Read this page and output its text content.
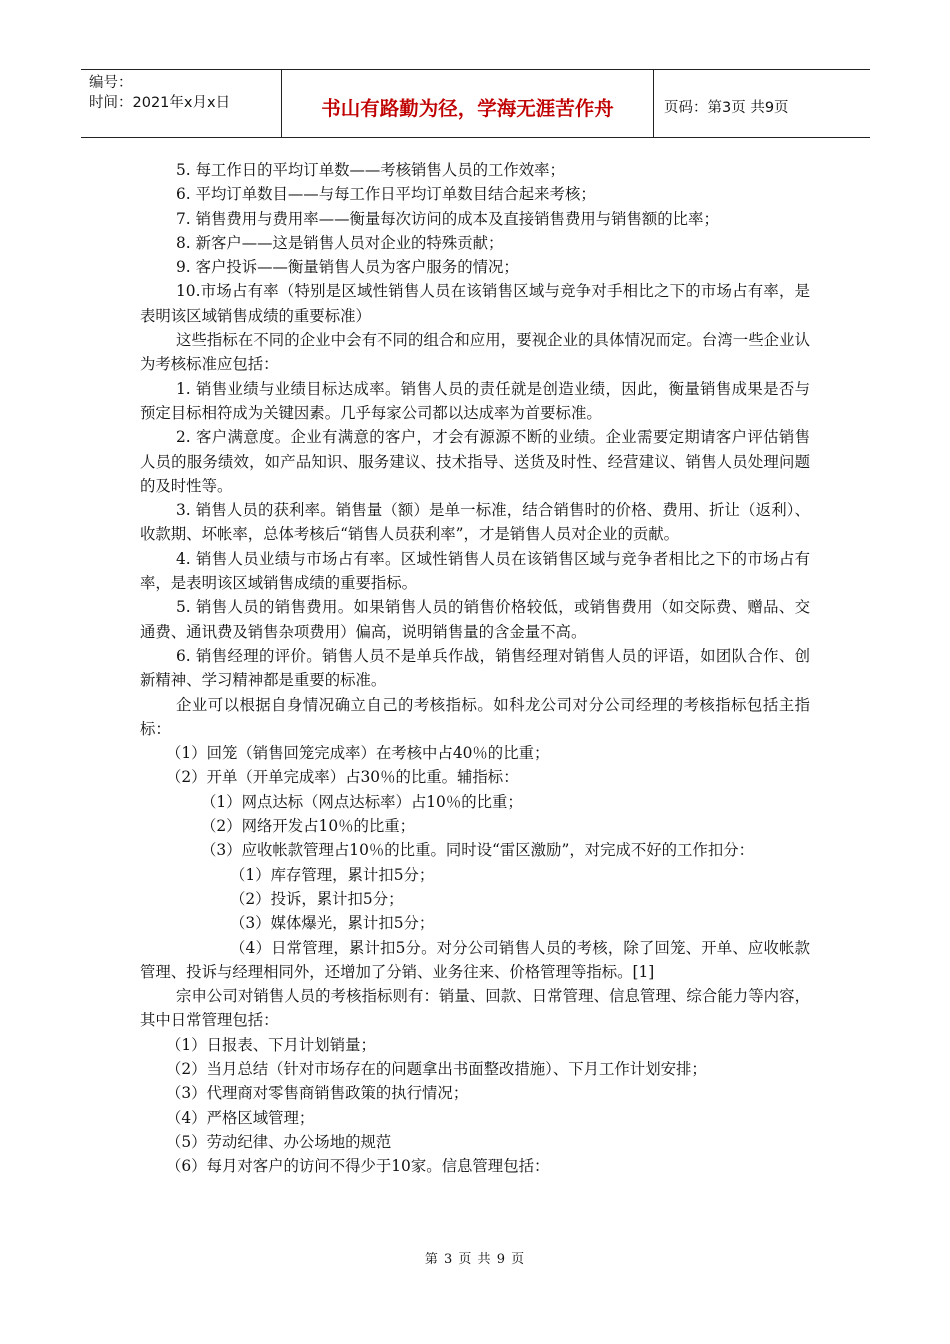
编号：
时间：2021年x月x日	书山有路勤为径，学海无涯苦作舟	页码：第3页 共9页

5. 每工作日的平均订单数——考核销售人员的工作效率；

6. 平均订单数目——与每工作日平均订单数目结合起来考核；

7. 销售费用与费用率——衡量每次访问的成本及直接销售费用与销售额的比率；

8. 新客户——这是销售人员对企业的特殊贡献；

9. 客户投诉——衡量销售人员为客户服务的情况；

10.市场占有率（特别是区域性销售人员在该销售区域与竞争对手相比之下的市场占有率，是表明该区域销售成绩的重要标准）

这些指标在不同的企业中会有不同的组合和应用，要视企业的具体情况而定。台湾一些企业认为考核标准应包括：

1. 销售业绩与业绩目标达成率。销售人员的责任就是创造业绩，因此，衡量销售成果是否与预定目标相符成为关键因素。几乎每家公司都以达成率为首要标准。

2. 客户满意度。企业有满意的客户，才会有源源不断的业绩。企业需要定期请客户评估销售人员的服务绩效，如产品知识、服务建议、技术指导、送货及时性、经营建议、销售人员处理问题的及时性等。

3. 销售人员的获利率。销售量（额）是单一标准，结合销售时的价格、费用、折让（返利）、收款期、坏帐率，总体考核后“销售人员获利率”，才是销售人员对企业的贡献。

4. 销售人员业绩与市场占有率。区域性销售人员在该销售区域与竞争者相比之下的市场占有率，是表明该区域销售成绩的重要指标。

5. 销售人员的销售费用。如果销售人员的销售价格较低，或销售费用（如交际费、赠品、交通费、通讯费及销售杂项费用）偏高，说明销售量的含金量不高。

6. 销售经理的评价。销售人员不是单兵作战，销售经理对销售人员的评语，如团队合作、创新精神、学习精神都是重要的标准。

企业可以根据自身情况确立自己的考核指标。如科龙公司对分公司经理的考核指标包括主指标：

（1）回笼（销售回笼完成率）在考核中占40％的比重；

（2）开单（开单完成率）占30％的比重。辅指标：

（1）网点达标（网点达标率）占10％的比重；

（2）网络开发占10％的比重；

（3）应收帐款管理占10％的比重。同时设“雷区激励”，对完成不好的工作扣分：

（1）库存管理，累计扣5分；

（2）投诉，累计扣5分；

（3）媒体爆光，累计扣5分；

（4）日常管理，累计扣5分。对分公司销售人员的考核，除了回笼、开单、应收帐款管理、投诉与经理相同外，还增加了分销、业务往来、价格管理等指标。[1]

宗申公司对销售人员的考核指标则有：销量、回款、日常管理、信息管理、综合能力等内容，其中日常管理包括：

（1）日报表、下月计划销量；

（2）当月总结（针对市场存在的问题拿出书面整改措施）、下月工作计划安排；

（3）代理商对零售商销售政策的执行情况；

（4）严格区域管理；

（5）劳动纪律、办公场地的规范

（6）每月对客户的访问不得少于10家。信息管理包括：

第 3 页 共 9 页
